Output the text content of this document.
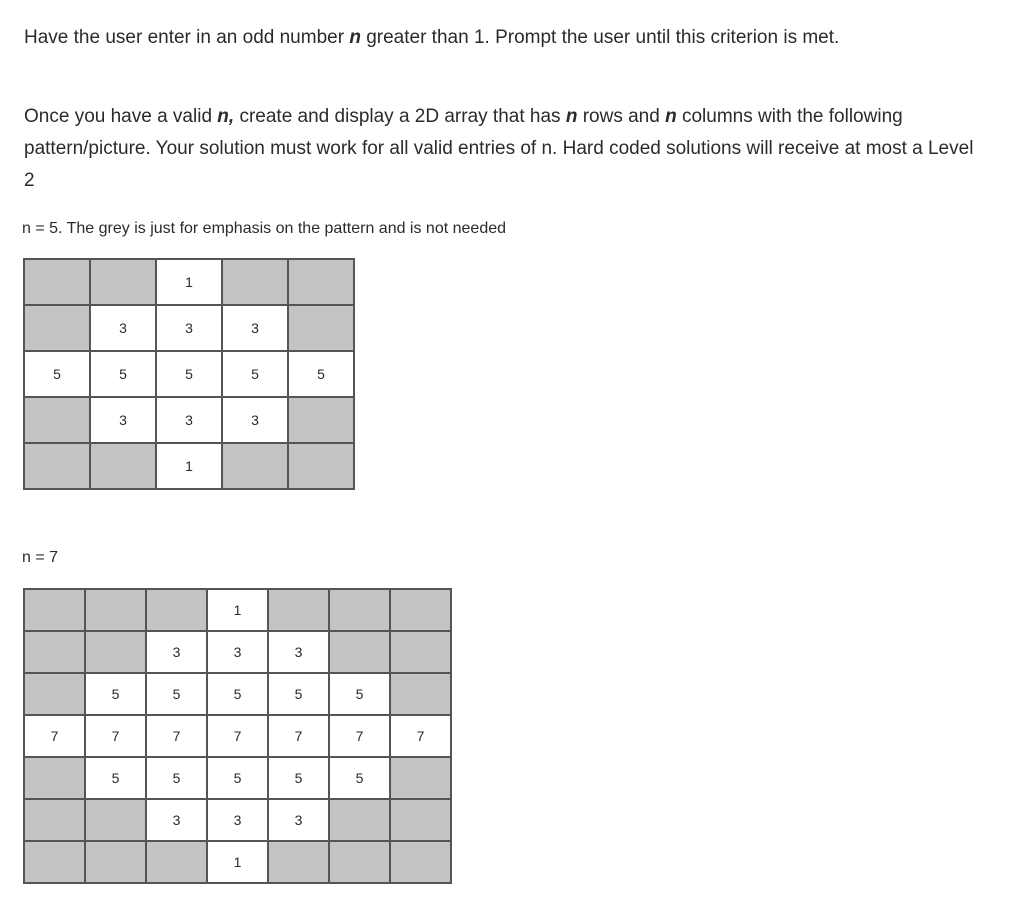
Have the user enter in an odd number n greater than 1. Prompt the user until this criterion is met.

Once you have a valid n, create and display a 2D array that has n rows and n columns with the following pattern/picture. Your solution must work for all valid entries of n. Hard coded solutions will receive at most a Level 2

n = 5. The grey is just for emphasis on the pattern and is not needed

		1		
	3	3	3	
5	5	5	5	5
	3	3	3	
		1		

n = 7

			1			
		3	3	3		
	5	5	5	5	5	
7	7	7	7	7	7	7
	5	5	5	5	5	
		3	3	3		
			1			
